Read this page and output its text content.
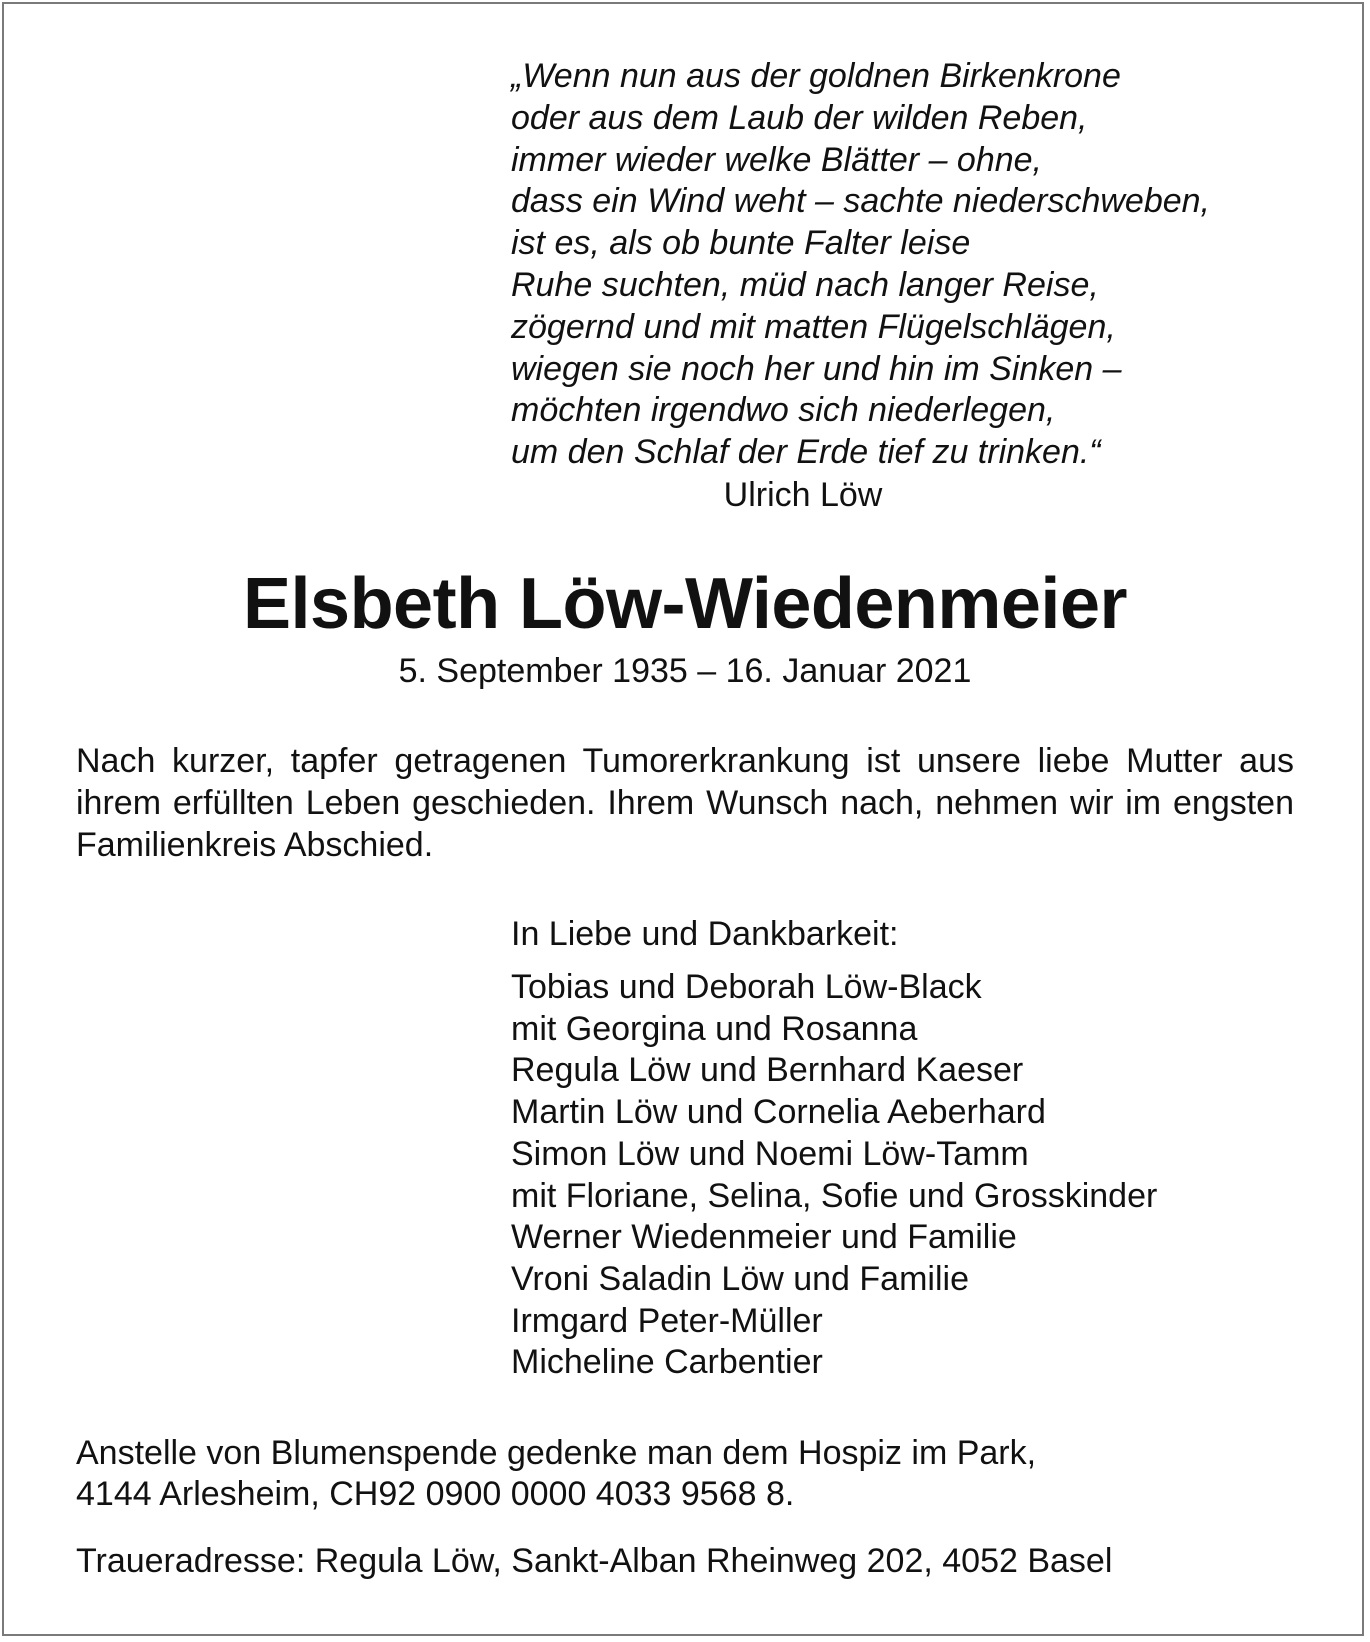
„Wenn nun aus der goldnen Birkenkrone
oder aus dem Laub der wilden Reben,
immer wieder welke Blätter – ohne,
dass ein Wind weht – sachte niederschweben,
ist es, als ob bunte Falter leise
Ruhe suchten, müd nach langer Reise,
zögernd und mit matten Flügelschlägen,
wiegen sie noch her und hin im Sinken –
möchten irgendwo sich niederlegen,
um den Schlaf der Erde tief zu trinken.“
Ulrich Löw
Elsbeth Löw-Wiedenmeier
5. September 1935 – 16. Januar 2021
Nach kurzer, tapfer getragenen Tumorerkrankung ist unsere liebe Mutter aus ihrem erfüllten Leben geschieden. Ihrem Wunsch nach, nehmen wir im engsten Familienkreis Abschied.
In Liebe und Dankbarkeit:
Tobias und Deborah Löw-Black
mit Georgina und Rosanna
Regula Löw und Bernhard Kaeser
Martin Löw und Cornelia Aeberhard
Simon Löw und Noemi Löw-Tamm
mit Floriane, Selina, Sofie und Grosskinder
Werner Wiedenmeier und Familie
Vroni Saladin Löw und Familie
Irmgard Peter-Müller
Micheline Carbentier
Anstelle von Blumenspende gedenke man dem Hospiz im Park,
4144 Arlesheim, CH92 0900 0000 4033 9568 8.
Traueradresse: Regula Löw, Sankt-Alban Rheinweg 202, 4052 Basel
